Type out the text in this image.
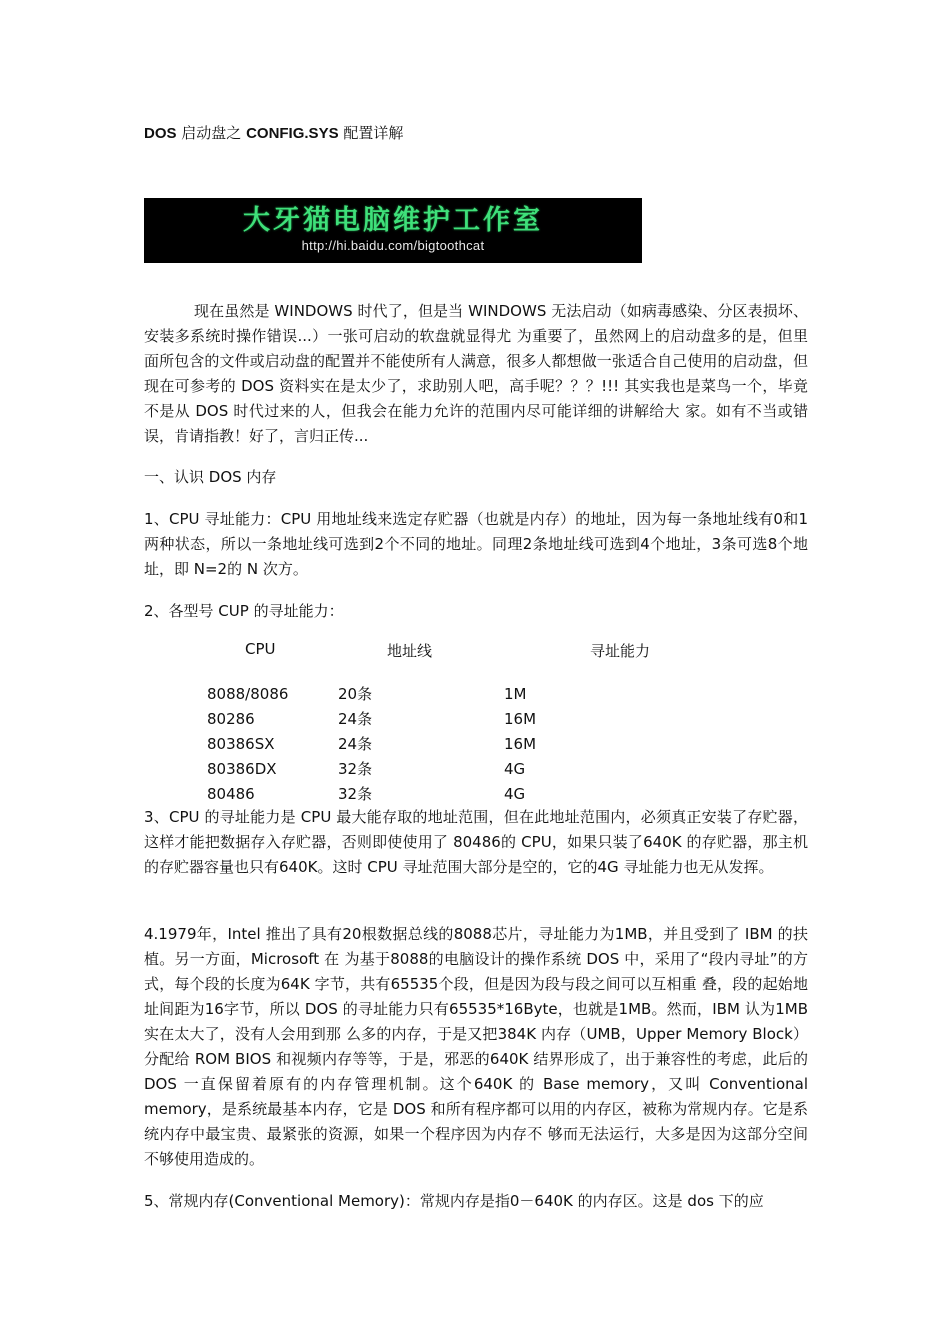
DOS 启动盘之 CONFIG.SYS 配置详解
大牙猫电脑维护工作室
http://hi.baidu.com/bigtoothcat
现在虽然是 WINDOWS 时代了，但是当 WINDOWS 无法启动（如病毒感染、分区表损坏、安装多系统时操作错误...）一张可启动的软盘就显得尤 为重要了，虽然网上的启动盘多的是，但里面所包含的文件或启动盘的配置并不能使所有人满意，很多人都想做一张适合自己使用的启动盘，但现在可参考的 DOS 资料实在是太少了，求助别人吧，高手呢？？？!!! 其实我也是菜鸟一个，毕竟不是从 DOS 时代过来的人，但我会在能力允许的范围内尽可能详细的讲解给大 家。如有不当或错误，肯请指教！好了，言归正传...
一、认识 DOS 内存
1、CPU 寻址能力：CPU 用地址线来选定存贮器（也就是内存）的地址，因为每一条地址线有0和1两种状态，所以一条地址线可选到2个不同的地址。同理2条地址线可选到4个地址，3条可选8个地址，即 N=2的 N 次方。
2、各型号 CUP 的寻址能力：
CPU	地址线	寻址能力
8088/8086	20条	1M
80286	24条	16M
80386SX	24条	16M
80386DX	32条	4G
80486	32条	4G
3、CPU 的寻址能力是 CPU 最大能存取的地址范围，但在此地址范围内，必须真正安装了存贮器，这样才能把数据存入存贮器，否则即使使用了 80486的 CPU，如果只装了640K 的存贮器，那主机的存贮器容量也只有640K。这时 CPU 寻址范围大部分是空的，它的4G 寻址能力也无从发挥。
4.1979年，Intel 推出了具有20根数据总线的8088芯片，寻址能力为1MB，并且受到了 IBM 的扶植。另一方面，Microsoft 在 为基于8088的电脑设计的操作系统 DOS 中，采用了“段内寻址”的方式，每个段的长度为64K 字节，共有65535个段，但是因为段与段之间可以互相重 叠，段的起始地址间距为16字节，所以 DOS 的寻址能力只有65535*16Byte，也就是1MB。然而，IBM 认为1MB 实在太大了，没有人会用到那 么多的内存，于是又把384K 内存（UMB，Upper Memory Block）分配给 ROM BIOS 和视频内存等等，于是，邪恶的640K 结界形成了，出于兼容性的考虑，此后的 DOS 一直保留着原有的内存管理机制。这个640K 的 Base memory，又叫 Conventional memory，是系统最基本内存，它是 DOS 和所有程序都可以用的内存区，被称为常规内存。它是系统内存中最宝贵、最紧张的资源，如果一个程序因为内存不 够而无法运行，大多是因为这部分空间不够使用造成的。
5、常规内存(Conventional Memory)：常规内存是指0－640K 的内存区。这是 dos 下的应
